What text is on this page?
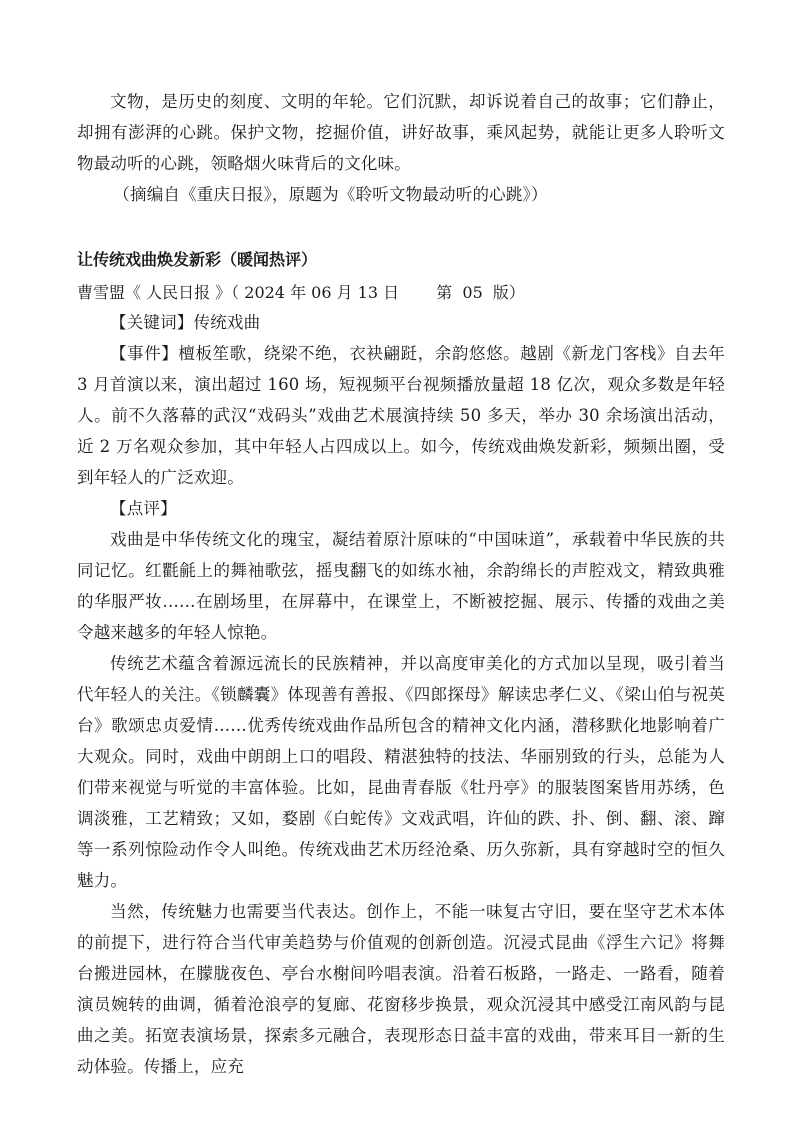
文物，是历史的刻度、文明的年轮。它们沉默，却诉说着自己的故事；它们静止，却拥有澎湃的心跳。保护文物，挖掘价值，讲好故事，乘风起势，就能让更多人聆听文物最动听的心跳，领略烟火味背后的文化味。

（摘编自《重庆日报》，原题为《聆听文物最动听的心跳》）

让传统戏曲焕发新彩（暖闻热评）

曹雪盟《 人民日报 》（ 2024 年 06 月 13 日 　　第  05  版）

【关键词】传统戏曲

【事件】檀板笙歌，绕梁不绝，衣袂翩跹，余韵悠悠。越剧《新龙门客栈》自去年 3 月首演以来，演出超过 160 场，短视频平台视频播放量超 18 亿次，观众多数是年轻人。前不久落幕的武汉“戏码头”戏曲艺术展演持续 50 多天，举办 30 余场演出活动，近 2 万名观众参加，其中年轻人占四成以上。如今，传统戏曲焕发新彩，频频出圈，受到年轻人的广泛欢迎。

【点评】

戏曲是中华传统文化的瑰宝，凝结着原汁原味的“中国味道”，承载着中华民族的共同记忆。红氍毹上的舞袖歌弦，摇曳翻飞的如练水袖，余韵绵长的声腔戏文，精致典雅的华服严妆……在剧场里，在屏幕中，在课堂上，不断被挖掘、展示、传播的戏曲之美令越来越多的年轻人惊艳。

传统艺术蕴含着源远流长的民族精神，并以高度审美化的方式加以呈现，吸引着当代年轻人的关注。《锁麟囊》体现善有善报、《四郎探母》解读忠孝仁义、《梁山伯与祝英台》歌颂忠贞爱情……优秀传统戏曲作品所包含的精神文化内涵，潜移默化地影响着广大观众。同时，戏曲中朗朗上口的唱段、精湛独特的技法、华丽别致的行头，总能为人们带来视觉与听觉的丰富体验。比如，昆曲青春版《牡丹亭》的服装图案皆用苏绣，色调淡雅，工艺精致；又如，婺剧《白蛇传》文戏武唱，许仙的跌、扑、倒、翻、滚、蹿等一系列惊险动作令人叫绝。传统戏曲艺术历经沧桑、历久弥新，具有穿越时空的恒久魅力。

当然，传统魅力也需要当代表达。创作上，不能一味复古守旧，要在坚守艺术本体的前提下，进行符合当代审美趋势与价值观的创新创造。沉浸式昆曲《浮生六记》将舞台搬进园林，在朦胧夜色、亭台水榭间吟唱表演。沿着石板路，一路走、一路看，随着演员婉转的曲调，循着沧浪亭的复廊、花窗移步换景，观众沉浸其中感受江南风韵与昆曲之美。拓宽表演场景，探索多元融合，表现形态日益丰富的戏曲，带来耳目一新的生动体验。传播上，应充
